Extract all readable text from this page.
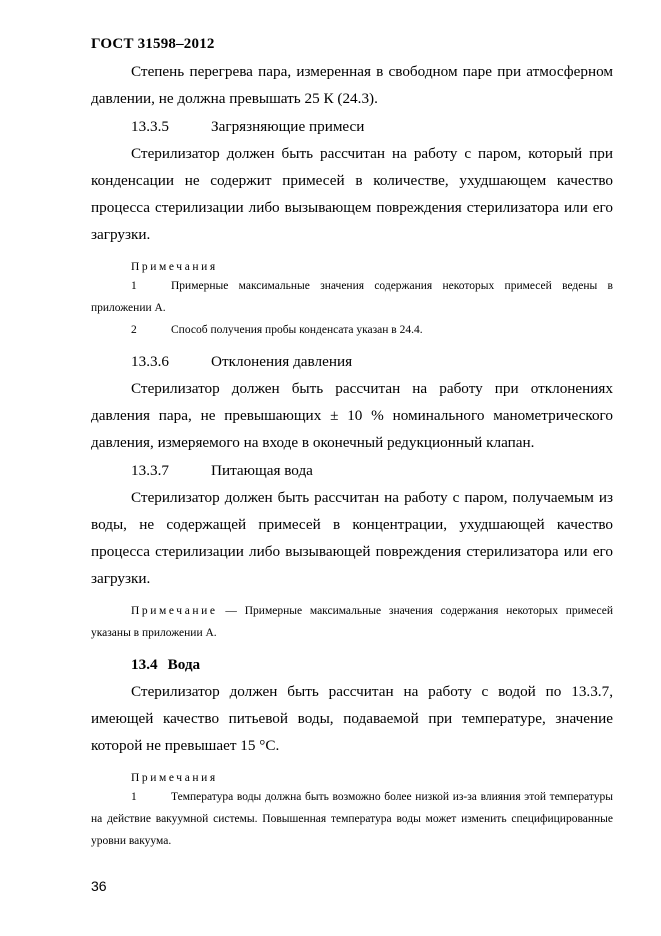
ГОСТ 31598–2012

Степень перегрева пара, измеренная в свободном паре при атмосферном давлении, не должна превышать 25 К (24.3).

13.3.5	Загрязняющие примеси

Стерилизатор должен быть рассчитан на работу с паром, который при конденсации не содержит примесей в количестве, ухудшающем качество процесса стерилизации либо вызывающем повреждения стерилизатора или его загрузки.

Примечания

1	Примерные максимальные значения содержания некоторых примесей ведены в приложении А.

2	Способ получения пробы конденсата указан в 24.4.

13.3.6	Отклонения давления

Стерилизатор должен быть рассчитан на работу при отклонениях давления пара, не превышающих ± 10 % номинального манометрического давления, измеряемого на входе в оконечный редукционный клапан.

13.3.7	Питающая вода

Стерилизатор должен быть рассчитан на работу с паром, получаемым из воды, не содержащей примесей в концентрации, ухудшающей качество процесса стерилизации либо вызывающей повреждения стерилизатора или его загрузки.

Примечание — Примерные максимальные значения содержания некоторых примесей указаны в приложении А.

13.4 Вода

Стерилизатор должен быть рассчитан на работу с водой по 13.3.7, имеющей качество питьевой воды, подаваемой при температуре, значение которой не превышает 15 °С.

Примечания

1	Температура воды должна быть возможно более низкой из-за влияния этой температуры на действие вакуумной системы. Повышенная температура воды может изменить специфицированные уровни вакуума.

36
